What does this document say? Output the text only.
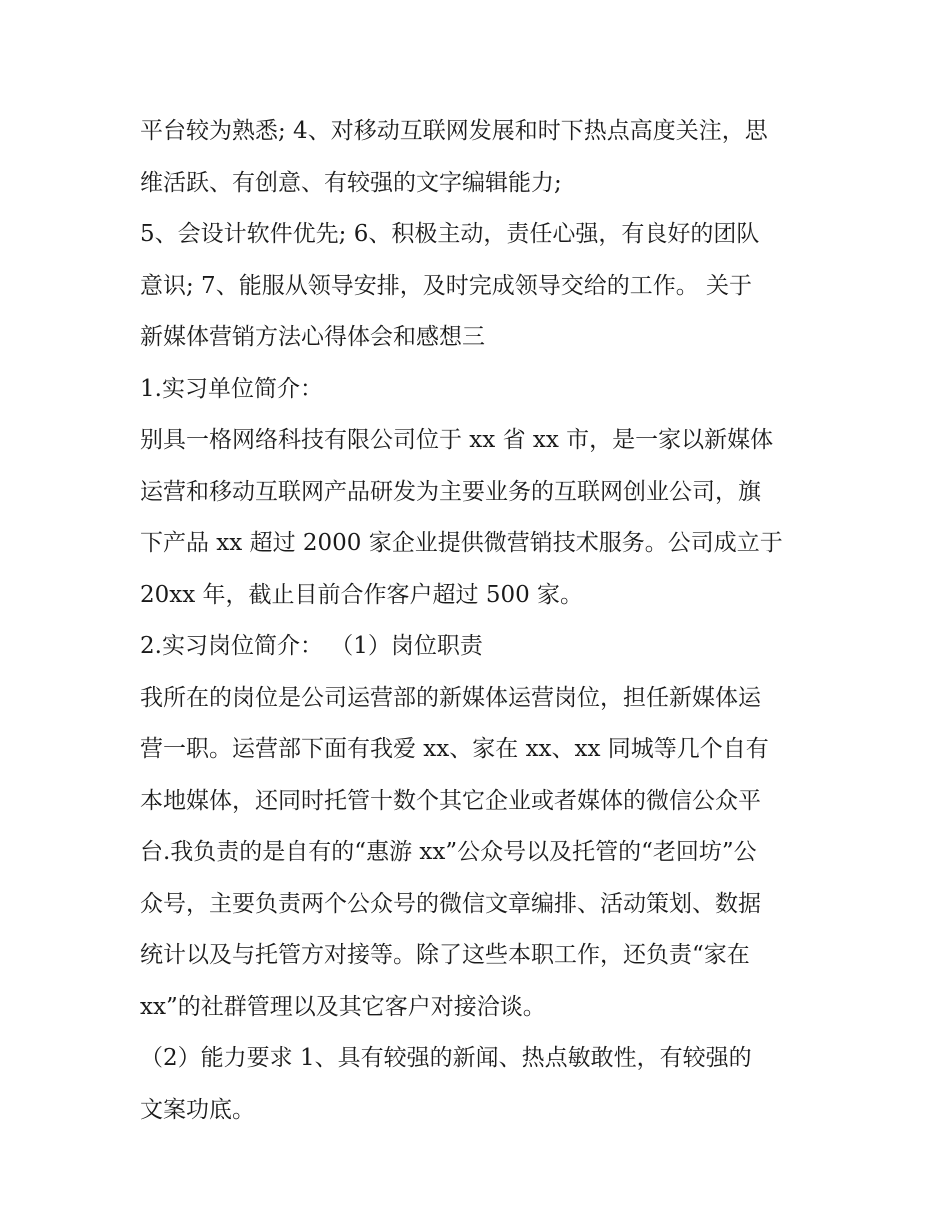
平台较为熟悉; 4、对移动互联网发展和时下热点高度关注，思
维活跃、有创意、有较强的文字编辑能力;
5、会设计软件优先; 6、积极主动，责任心强，有良好的团队
意识; 7、能服从领导安排，及时完成领导交给的工作。 关于
新媒体营销方法心得体会和感想三
1.实习单位简介：
别具一格网络科技有限公司位于 xx 省 xx 市，是一家以新媒体
运营和移动互联网产品研发为主要业务的互联网创业公司，旗
下产品 xx 超过 2000 家企业提供微营销技术服务。公司成立于
20xx 年，截止目前合作客户超过 500 家。
2.实习岗位简介： （1）岗位职责
我所在的岗位是公司运营部的新媒体运营岗位，担任新媒体运
营一职。运营部下面有我爱 xx、家在 xx、xx 同城等几个自有
本地媒体，还同时托管十数个其它企业或者媒体的微信公众平
台.我负责的是自有的“惠游 xx”公众号以及托管的“老回坊”公
众号，主要负责两个公众号的微信文章编排、活动策划、数据
统计以及与托管方对接等。除了这些本职工作，还负责“家在
xx”的社群管理以及其它客户对接洽谈。
（2）能力要求 1、具有较强的新闻、热点敏敢性，有较强的
文案功底。
